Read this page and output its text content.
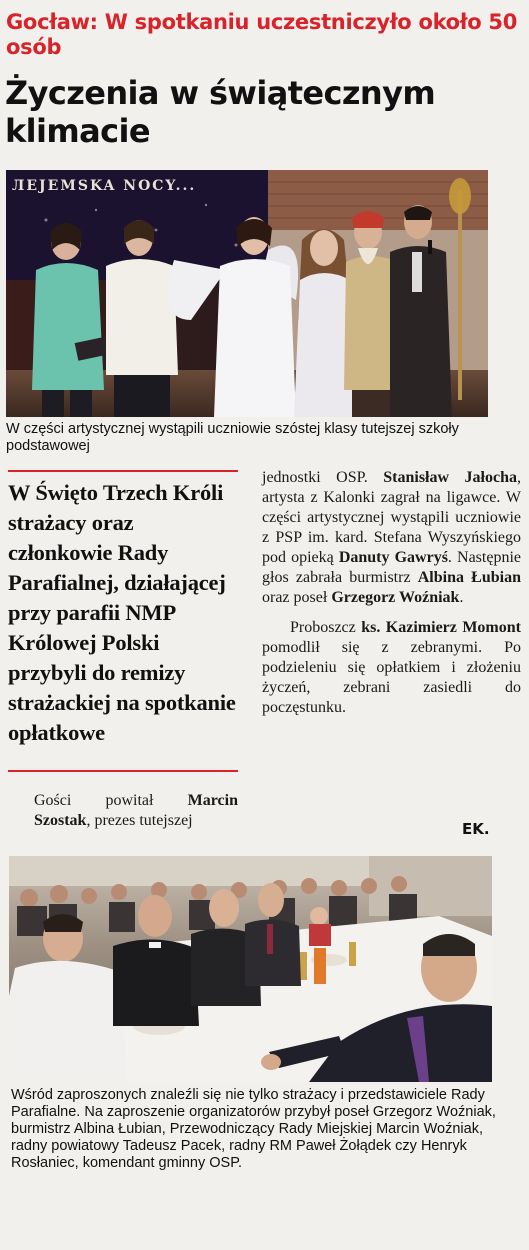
Gocław: W spotkaniu uczestniczyło około 50 osób
Życzenia w świątecznym klimacie
ЛЕЈЕМSKA NOCY...
W części artystycznej wystąpili uczniowie szóstej klasy tutejszej szkoły podstawowej
W Święto Trzech Króli strażacy oraz członkowie Rady Parafialnej, działającej przy parafii NMP Królowej Polski przybyli do remizy strażackiej na spotkanie opłatkowe
Gości powitał Marcin Szostak, prezes tutejszej

jednostki OSP. Stanisław Jałocha, artysta z Kalonki zagrał na ligawce. W części artystycznej wystąpili uczniowie z PSP im. kard. Stefana Wyszyńskiego pod opieką Danuty Gawryś. Następnie głos zabrała burmistrz Albina Łubian oraz poseł Grzegorz Woźniak.

Proboszcz ks. Kazimierz Momont pomodlił się z zebranymi. Po podzieleniu się opłatkiem i złożeniu życzeń, zebrani zasiedli do poczęstunku.

EK.
Wśród zaproszonych znaleźli się nie tylko strażacy i przedstawiciele Rady Parafialne. Na zaproszenie organizatorów przybył poseł Grzegorz Woźniak, burmistrz Albina Łubian, Przewodniczący Rady Miejskiej Marcin Woźniak, radny powiatowy Tadeusz Pacek, radny RM Paweł Żołądek czy Henryk Rosłaniec, komendant gminny OSP.
